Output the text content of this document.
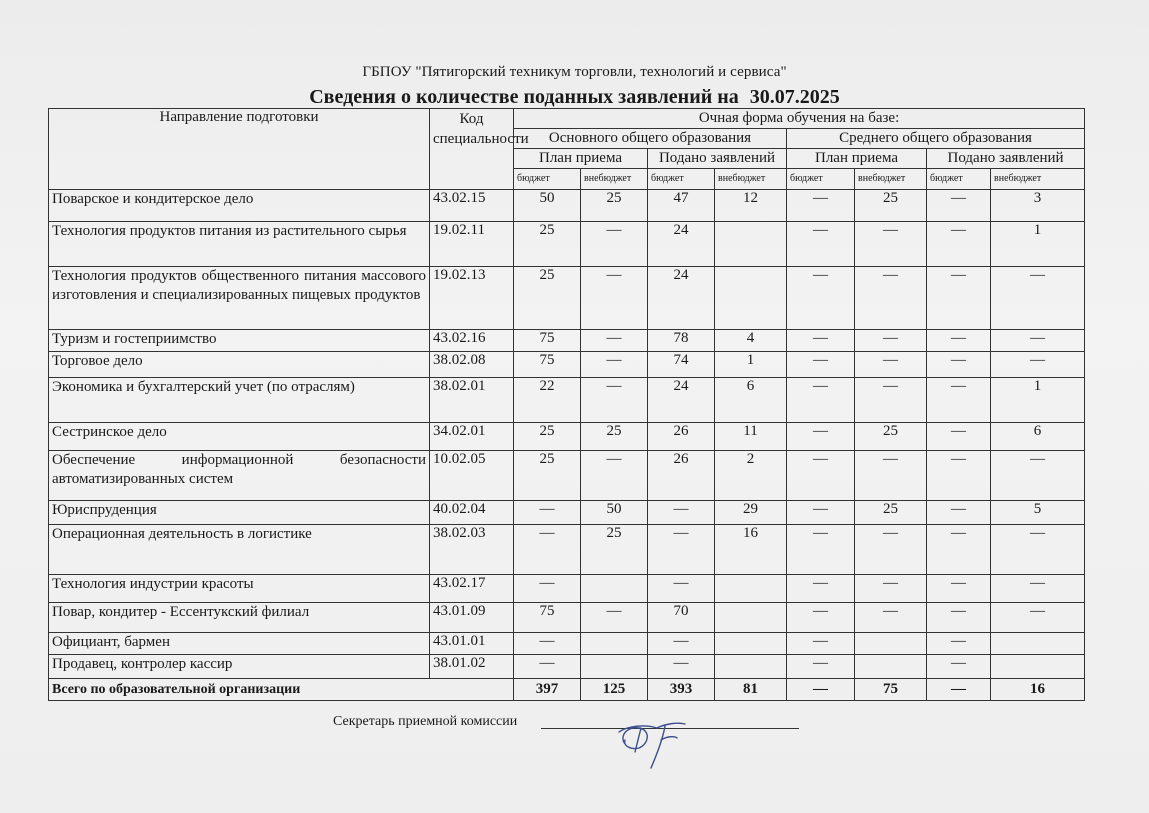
ГБПОУ "Пятигорский техникум торговли, технологий и сервиса"
Сведения о количестве поданных заявлений на 30.07.2025
Направление подготовки	Код специальности	Очная форма обучения на базе:							
		Основного общего образования				Среднего общего образования			
		План приема		Подано заявлений		План приема		Подано заявлений	
		бюджет	внебюджет	бюджет	внебюджет	бюджет	внебюджет	бюджет	внебюджет
Поварское и кондитерское дело	43.02.15	50	25	47	12	—	25	—	3
Технология продуктов питания из растительного сырья	19.02.11	25	—	24		—	—	—	1
Технология продуктов общественного питания массового изготовления и специализированных пищевых продуктов	19.02.13	25	—	24		—	—	—	—
Туризм и гостеприимство	43.02.16	75	—	78	4	—	—	—	—
Торговое дело	38.02.08	75	—	74	1	—	—	—	—
Экономика и бухгалтерский учет (по отраслям)	38.02.01	22	—	24	6	—	—	—	1
Сестринское дело	34.02.01	25	25	26	11	—	25	—	6
Обеспечение информационной безопасности автоматизированных систем	10.02.05	25	—	26	2	—	—	—	—
Юриспруденция	40.02.04	—	50	—	29	—	25	—	5
Операционная деятельность в логистике	38.02.03	—	25	—	16	—	—	—	—
Технология индустрии красоты	43.02.17	—		—		—	—	—	—
Повар, кондитер - Ессентукский филиал	43.01.09	75	—	70		—	—	—	—
Официант, бармен	43.01.01	—		—		—		—	
Продавец, контролер кассир	38.01.02	—		—		—		—	
Всего по образовательной организации		397	125	393	81	—	75	—	16
Секретарь приемной комиссии
